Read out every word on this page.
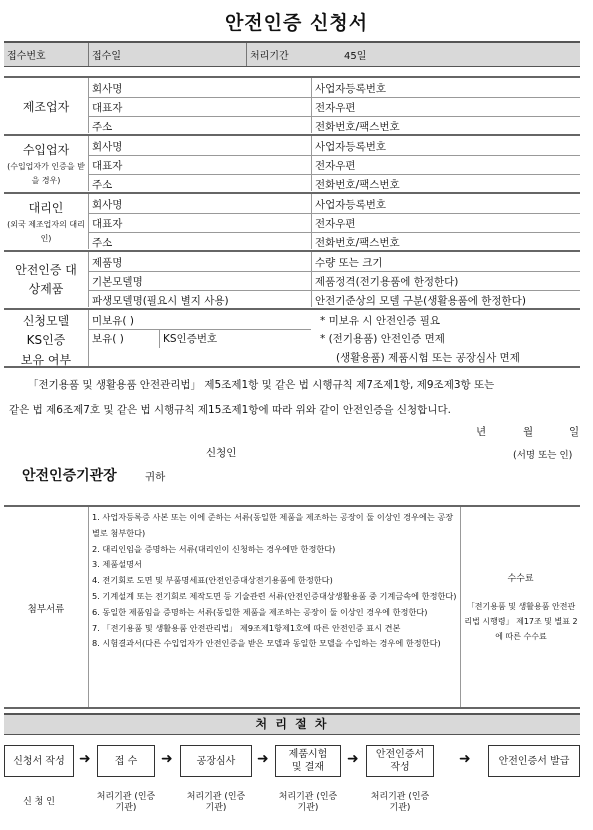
안전인증 신청서
접수번호	접수일	처리기간	45일
제조업자
회사명	사업자등록번호
대표자	전자우편
주소	전화번호/팩스번호
수입업자
(수입업자가 인증을 받을 경우)
회사명	사업자등록번호
대표자	전자우편
주소	전화번호/팩스번호
대리인
(외국 제조업자의 대리인)
회사명	사업자등록번호
대표자	전자우편
주소	전화번호/팩스번호
안전인증 대상제품
제품명	수량 또는 크기
기본모델명	제품정격(전기용품에 한정한다)
파생모델명(필요시 별지 사용)	안전기준상의 모델 구분(생활용품에 한정한다)
신청모델
KS인증
보유 여부
미보유( )
보유( )	KS인증번호
* 미보유 시 안전인증 필요
* (전기용품) 안전인증 면제
(생활용품) 제품시험 또는 공장심사 면제
「전기용품 및 생활용품 안전관리법」 제5조제1항 및 같은 법 시행규칙 제7조제1항, 제9조제3항 또는
같은 법 제6조제7호 및 같은 법 시행규칙 제15조제1항에 따라 위와 같이 안전인증을 신청합니다.
년	월	일
신청인	(서명 또는 인)
안전인증기관장	귀하
첨부서류
1. 사업자등록증 사본 또는 이에 준하는 서류(동일한 제품을 제조하는 공장이 둘 이상인 경우에는 공장별로 첨부한다)
2. 대리인임을 증명하는 서류(대리인이 신청하는 경우에만 한정한다)
3. 제품설명서
4. 전기회로 도면 및 부품명세표(안전인증대상전기용품에 한정한다)
5. 기계설계 또는 전기회로 제작도면 등 기술관련 서류(안전인증대상생활용품 중 기계금속에 한정한다)
6. 동일한 제품임을 증명하는 서류(동일한 제품을 제조하는 공장이 둘 이상인 경우에 한정한다)
7. 「전기용품 및 생활용품 안전관리법」 제9조제1항제1호에 따른 안전인증 표시 견본
8. 시험결과서(다른 수입업자가 안전인증을 받은 모델과 동일한 모델을 수입하는 경우에 한정한다)
수수료
「전기용품 및 생활용품 안전관리법 시행령」 제17조 및 별표 2에 따른 수수료
처 리 절 차
신청서 작성	➜	접 수	➜	공장심사	➜	제품시험 및 결재
➜	안전인증서 작성
➜	안전인증서 발급
신 청 인	처리기관 (인증기관)
처리기관 (인증기관)
처리기관 (인증기관)
처리기관 (인증기관)
